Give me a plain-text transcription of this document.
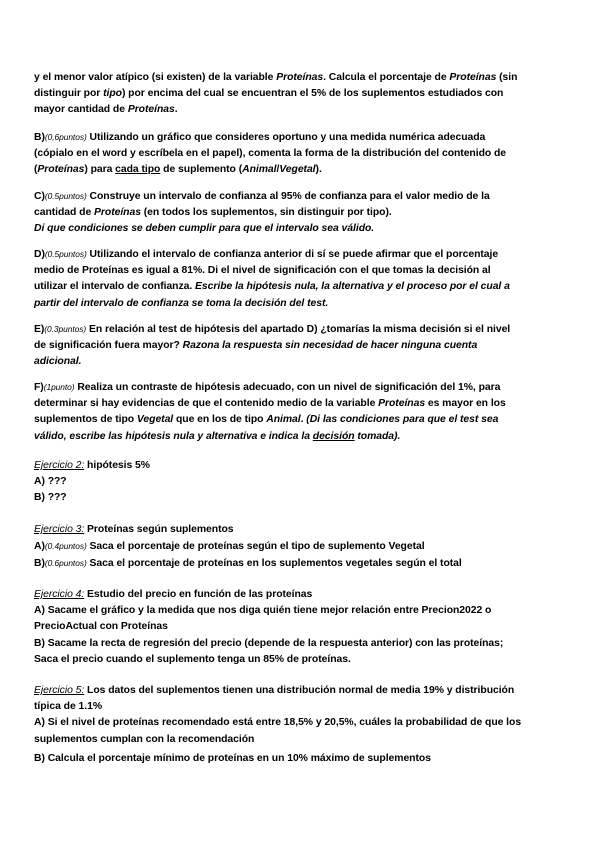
y el menor valor atípico (si existen) de la variable Proteínas. Calcula el porcentaje de Proteínas (sin
distinguir por tipo) por encima del cual se encuentran el 5% de los suplementos estudiados con
mayor cantidad de Proteínas.
B)(0,6puntos) Utilizando un gráfico que consideres oportuno y una medida numérica adecuada
(cópialo en el word y escríbela en el papel), comenta la forma de la distribución del contenido de
(Proteínas) para cada tipo de suplemento (Animal/Vegetal).
C)(0.5puntos) Construye un intervalo de confianza al 95% de confianza para el valor medio de la
cantidad de Proteínas (en todos los suplementos, sin distinguir por tipo).
Di que condiciones se deben cumplir para que el intervalo sea válido.
D)(0.5puntos) Utilizando el intervalo de confianza anterior di sí se puede afirmar que el porcentaje
medio de Proteínas es igual a 81%. Di el nivel de significación con el que tomas la decisión al
utilizar el intervalo de confianza. Escribe la hipótesis nula, la alternativa y el proceso por el cual a
partir del intervalo de confianza se toma la decisión del test.
E)(0.3puntos) En relación al test de hipótesis del apartado D) ¿tomarías la misma decisión si el nivel
de significación fuera mayor? Razona la respuesta sin necesidad de hacer ninguna cuenta
adicional.
F)(1punto) Realiza un contraste de hipótesis adecuado, con un nivel de significación del 1%, para
determinar si hay evidencias de que el contenido medio de la variable Proteínas es mayor en los
suplementos de tipo Vegetal que en los de tipo Animal. (Di las condiciones para que el test sea
válido, escribe las hipótesis nula y alternativa e indica la decisión tomada).
Ejercicio 2: hipótesis 5%
A) ???
B) ???
Ejercicio 3: Proteínas según suplementos
A)(0.4puntos) Saca el porcentaje de proteínas según el tipo de suplemento Vegetal
B)(0.6puntos) Saca el porcentaje de proteínas en los suplementos vegetales según el total
Ejercicio 4: Estudio del precio en función de las proteínas
A) Sacame el gráfico y la medida que nos diga quién tiene mejor relación entre Precion2022 o
PrecioActual con Proteínas
B) Sacame la recta de regresión del precio (depende de la respuesta anterior) con las proteínas;
Saca el precio cuando el suplemento tenga un 85% de proteínas.
Ejercicio 5: Los datos del suplementos tienen una distribución normal de media 19% y distribución
típica de 1.1%
A) Si el nivel de proteínas recomendado está entre 18,5% y 20,5%, cuáles la probabilidad de que los
suplementos cumplan con la recomendación
B) Calcula el porcentaje mínimo de proteínas en un 10% máximo de suplementos
